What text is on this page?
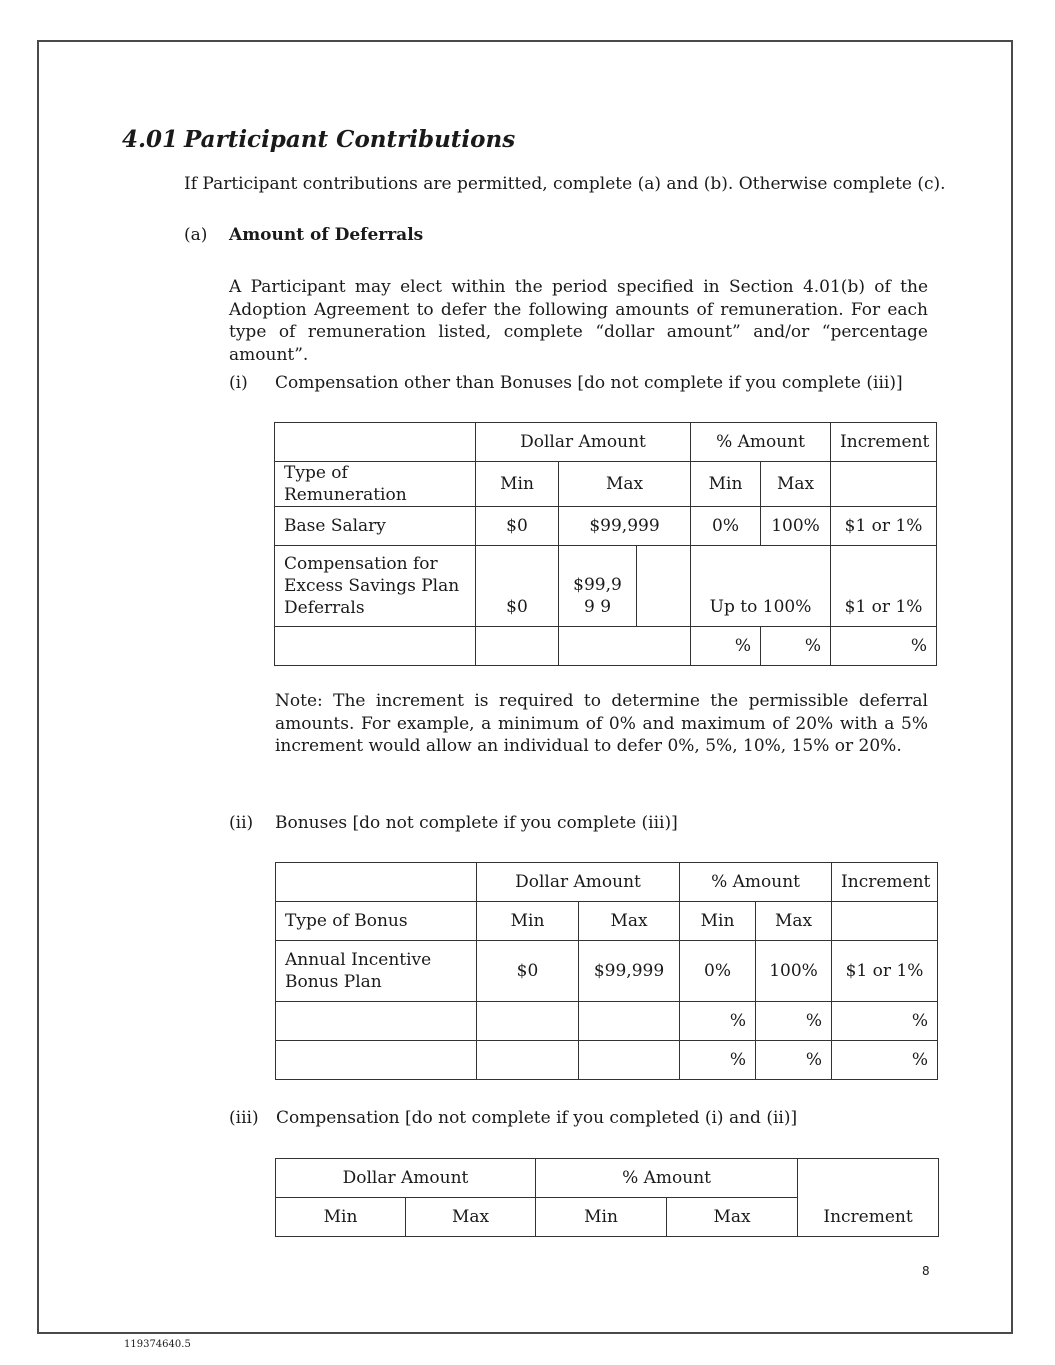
4.01 Participant Contributions
If Participant contributions are permitted, complete (a) and (b). Otherwise complete (c).
(a) Amount of Deferrals
A Participant may elect within the period specified in Section 4.01(b) of the Adoption Agreement to defer the following amounts of remuneration. For each type of remuneration listed, complete “dollar amount” and/or “percentage amount”.
(i) Compensation other than Bonuses [do not complete if you complete (iii)]
	Dollar Amount			% Amount		Increment
Type of Remuneration	Min	Max		Min	Max	
Base Salary	$0	$99,999		0%	100%	$1 or 1%
Compensation for Excess Savings Plan Deferrals	$0	$99,99 9		Up to 100%		$1 or 1%
				%	%	%
Note: The increment is required to determine the permissible deferral amounts. For example, a minimum of 0% and maximum of 20% with a 5% increment would allow an individual to defer 0%, 5%, 10%, 15% or 20%.
(ii) Bonuses [do not complete if you complete (iii)]
	Dollar Amount		% Amount		Increment
Type of Bonus	Min	Max	Min	Max	
Annual Incentive Bonus Plan	$0	$99,999	0%	100%	$1 or 1%
			%	%	%
			%	%	%
(iii) Compensation [do not complete if you completed (i) and (ii)]
Dollar Amount		% Amount		Increment
Min	Max	Min	Max	
8
119374640.5
